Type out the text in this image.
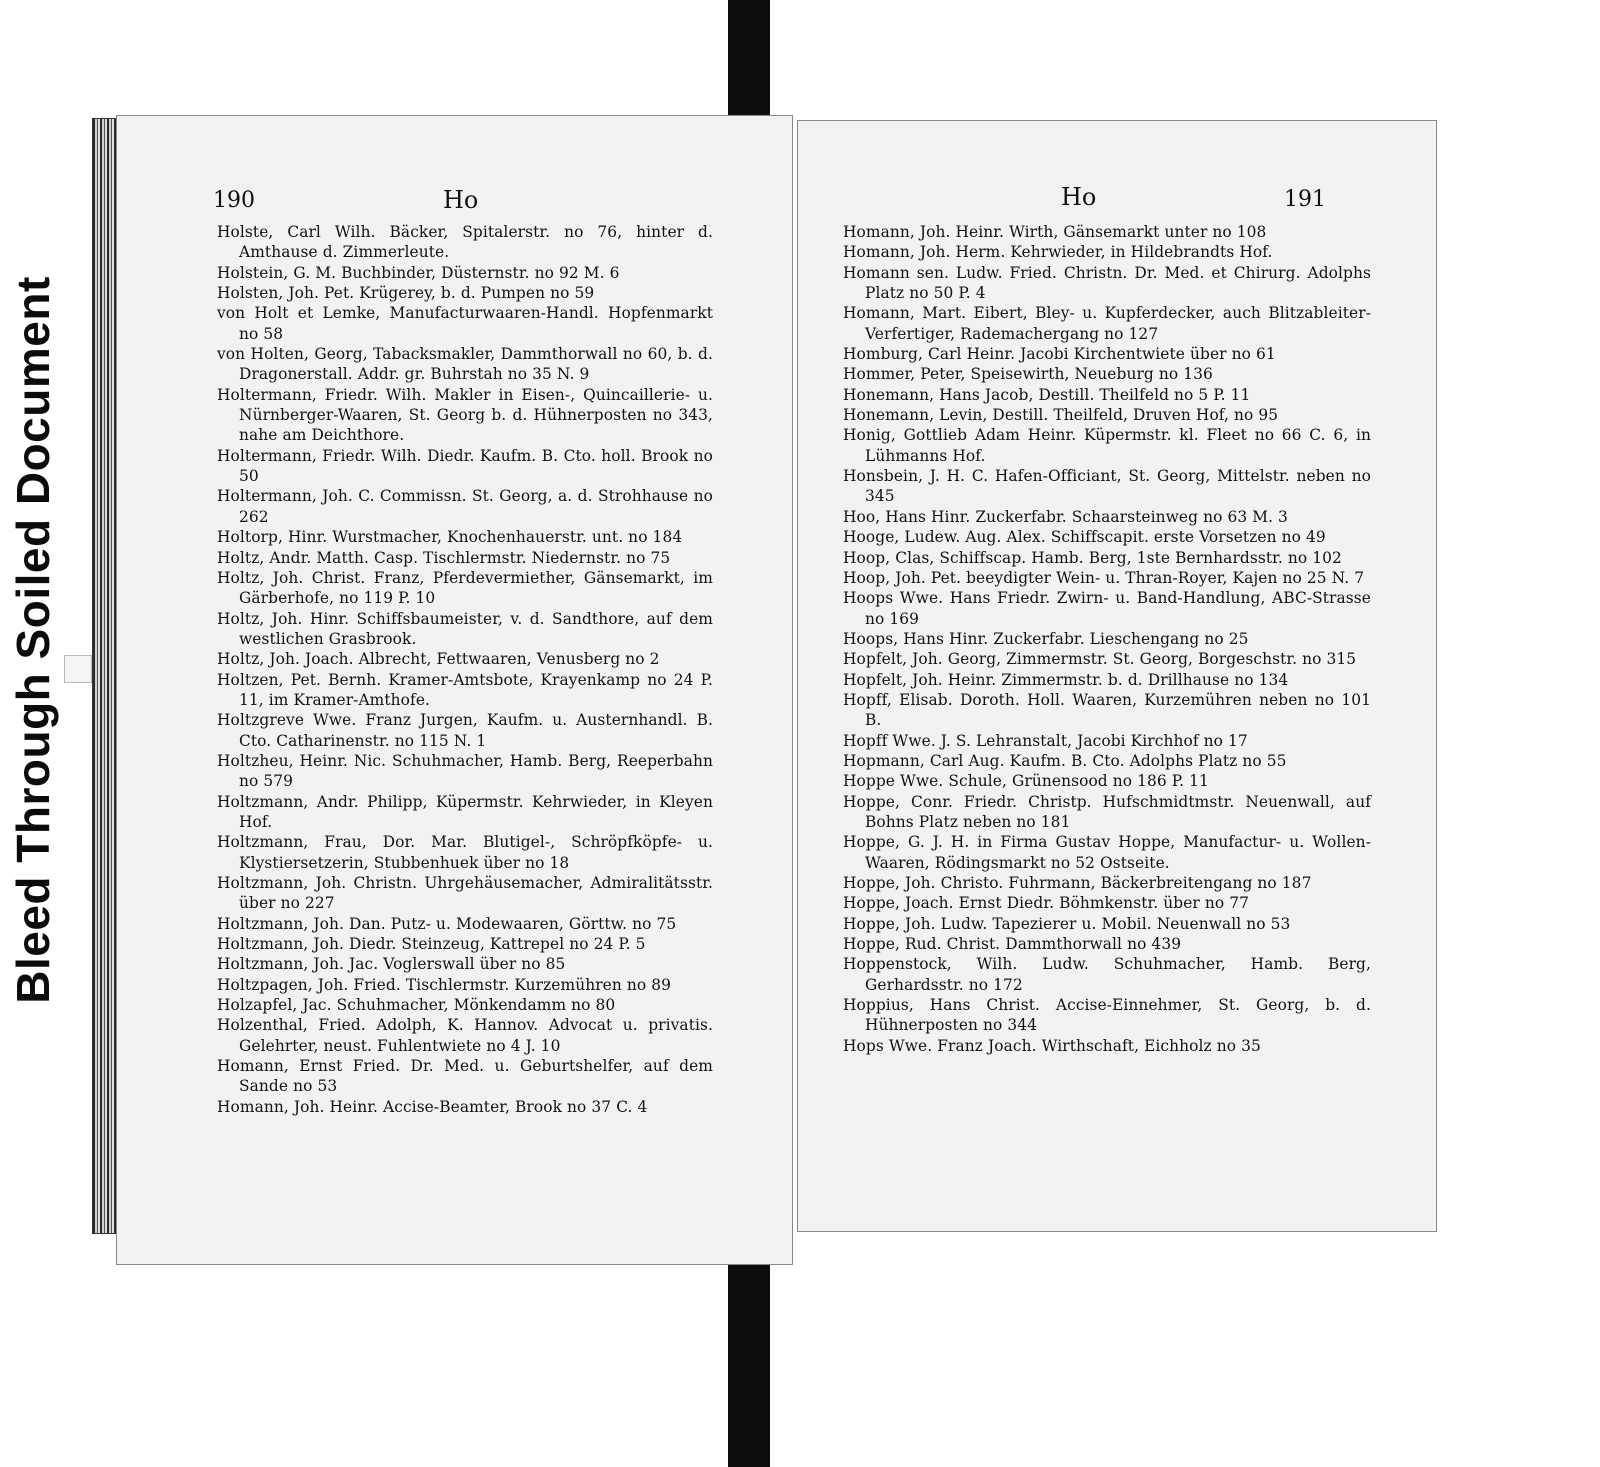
Bleed Through Soiled Document
190	Ho
Holste, Carl Wilh. Bäcker, Spitalerstr. no 76, hinter d. Amthause d. Zimmerleute.
Holstein, G. M. Buchbinder, Düsternstr. no 92 M. 6
Holsten, Joh. Pet. Krügerey, b. d. Pumpen no 59
von Holt et Lemke, Manufacturwaaren-Handl. Hopfenmarkt no 58
von Holten, Georg, Tabacksmakler, Dammthorwall no 60, b. d. Dragonerstall. Addr. gr. Buhrstah no 35 N. 9
Holtermann, Friedr. Wilh. Makler in Eisen-, Quincaillerie- u. Nürnberger-Waaren, St. Georg b. d. Hühnerposten no 343, nahe am Deichthore.
Holtermann, Friedr. Wilh. Diedr. Kaufm. B. Cto. holl. Brook no 50
Holtermann, Joh. C. Commissn. St. Georg, a. d. Strohhause no 262
Holtorp, Hinr. Wurstmacher, Knochenhauerstr. unt. no 184
Holtz, Andr. Matth. Casp. Tischlermstr. Niedernstr. no 75
Holtz, Joh. Christ. Franz, Pferdevermiether, Gänsemarkt, im Gärberhofe, no 119 P. 10
Holtz, Joh. Hinr. Schiffsbaumeister, v. d. Sandthore, auf dem westlichen Grasbrook.
Holtz, Joh. Joach. Albrecht, Fettwaaren, Venusberg no 2
Holtzen, Pet. Bernh. Kramer-Amtsbote, Krayenkamp no 24 P. 11, im Kramer-Amthofe.
Holtzgreve Wwe. Franz Jurgen, Kaufm. u. Austernhandl. B. Cto. Catharinenstr. no 115 N. 1
Holtzheu, Heinr. Nic. Schuhmacher, Hamb. Berg, Reeperbahn no 579
Holtzmann, Andr. Philipp, Küpermstr. Kehrwieder, in Kleyen Hof.
Holtzmann, Frau, Dor. Mar. Blutigel-, Schröpfköpfe- u. Klystiersetzerin, Stubbenhuek über no 18
Holtzmann, Joh. Christn. Uhrgehäusemacher, Admiralitätsstr. über no 227
Holtzmann, Joh. Dan. Putz- u. Modewaaren, Görttw. no 75
Holtzmann, Joh. Diedr. Steinzeug, Kattrepel no 24 P. 5
Holtzmann, Joh. Jac. Voglerswall über no 85
Holtzpagen, Joh. Fried. Tischlermstr. Kurzemühren no 89
Holzapfel, Jac. Schuhmacher, Mönkendamm no 80
Holzenthal, Fried. Adolph, K. Hannov. Advocat u. privatis. Gelehrter, neust. Fuhlentwiete no 4 J. 10
Homann, Ernst Fried. Dr. Med. u. Geburtshelfer, auf dem Sande no 53
Homann, Joh. Heinr. Accise-Beamter, Brook no 37 C. 4
Ho	191
Homann, Joh. Heinr. Wirth, Gänsemarkt unter no 108
Homann, Joh. Herm. Kehrwieder, in Hildebrandts Hof.
Homann sen. Ludw. Fried. Christn. Dr. Med. et Chirurg. Adolphs Platz no 50 P. 4
Homann, Mart. Eibert, Bley- u. Kupferdecker, auch Blitzableiter-Verfertiger, Rademachergang no 127
Homburg, Carl Heinr. Jacobi Kirchentwiete über no 61
Hommer, Peter, Speisewirth, Neueburg no 136
Honemann, Hans Jacob, Destill. Theilfeld no 5 P. 11
Honemann, Levin, Destill. Theilfeld, Druven Hof, no 95
Honig, Gottlieb Adam Heinr. Küpermstr. kl. Fleet no 66 C. 6, in Lühmanns Hof.
Honsbein, J. H. C. Hafen-Officiant, St. Georg, Mittelstr. neben no 345
Hoo, Hans Hinr. Zuckerfabr. Schaarsteinweg no 63 M. 3
Hooge, Ludew. Aug. Alex. Schiffscapit. erste Vorsetzen no 49
Hoop, Clas, Schiffscap. Hamb. Berg, 1ste Bernhardsstr. no 102
Hoop, Joh. Pet. beeydigter Wein- u. Thran-Royer, Kajen no 25 N. 7
Hoops Wwe. Hans Friedr. Zwirn- u. Band-Handlung, ABC-Strasse no 169
Hoops, Hans Hinr. Zuckerfabr. Lieschengang no 25
Hopfelt, Joh. Georg, Zimmermstr. St. Georg, Borgeschstr. no 315
Hopfelt, Joh. Heinr. Zimmermstr. b. d. Drillhause no 134
Hopff, Elisab. Doroth. Holl. Waaren, Kurzemühren neben no 101 B.
Hopff Wwe. J. S. Lehranstalt, Jacobi Kirchhof no 17
Hopmann, Carl Aug. Kaufm. B. Cto. Adolphs Platz no 55
Hoppe Wwe. Schule, Grünensood no 186 P. 11
Hoppe, Conr. Friedr. Christp. Hufschmidtmstr. Neuenwall, auf Bohns Platz neben no 181
Hoppe, G. J. H. in Firma Gustav Hoppe, Manufactur- u. Wollen-Waaren, Rödingsmarkt no 52 Ostseite.
Hoppe, Joh. Christo. Fuhrmann, Bäckerbreitengang no 187
Hoppe, Joach. Ernst Diedr. Böhmkenstr. über no 77
Hoppe, Joh. Ludw. Tapezierer u. Mobil. Neuenwall no 53
Hoppe, Rud. Christ. Dammthorwall no 439
Hoppenstock, Wilh. Ludw. Schuhmacher, Hamb. Berg, Gerhardsstr. no 172
Hoppius, Hans Christ. Accise-Einnehmer, St. Georg, b. d. Hühnerposten no 344
Hops Wwe. Franz Joach. Wirthschaft, Eichholz no 35
